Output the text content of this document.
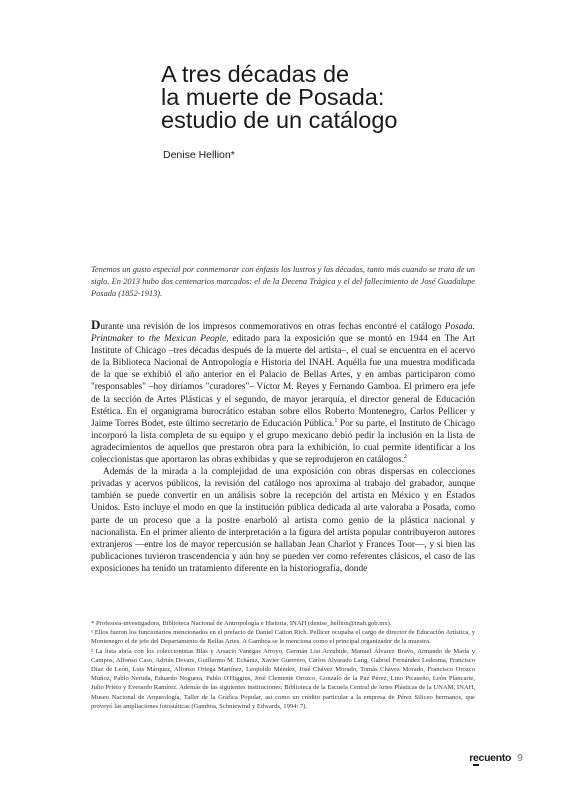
A tres décadas de
la muerte de Posada:
estudio de un catálogo

Denise Hellion*

Tenemos un gusto especial por conmemorar con énfasis los lustros y las décadas, tanto más cuando se trata de un siglo. En 2013 hubo dos centenarios marcados: el de la Decena Trágica y el del fallecimiento de José Guadalupe Posada (1852-1913).

Durante una revisión de los impresos conmemorativos en otras fechas encontré el catálogo Posada. Printmaker to the Mexican People, editado para la exposición que se montó en 1944 en The Art Institute of Chicago –tres décadas después de la muerte del artista–, el cual se encuentra en el acervo de la Biblioteca Nacional de Antropología e Historia del INAH. Aquélla fue una muestra modificada de la que se exhibió el año anterior en el Palacio de Bellas Artes, y en ambas participaron como "responsables" –hoy diríamos "curadores"– Víctor M. Reyes y Fernando Gamboa. El primero era jefe de la sección de Artes Plásticas y el segundo, de mayor jerarquía, el director general de Educación Estética. En el organigrama burocrático estaban sobre ellos Roberto Montenegro, Carlos Pellicer y Jaime Torres Bodet, este último secretario de Educación Pública.$^1$ Por su parte, el Instituto de Chicago incorporó la lista completa de su equipo y el grupo mexicano debió pedir la inclusión en la lista de agradecimientos de aquellos que prestaron obra para la exhibición, lo cual permite identificar a los coleccionistas que aportaron las obras exhibidas y que se reprodujeron en catálogos.$^2$

Además de la mirada a la complejidad de una exposición con obras dispersas en colecciones privadas y acervos públicos, la revisión del catálogo nos aproxima al trabajo del grabador, aunque también se puede convertir en un análisis sobre la recepción del artista en México y en Estados Unidos. Esto incluye el modo en que la institución pública dedicada al arte valoraba a Posada, como parte de un proceso que a la postre enarboló al artista como genio de la plástica nacional y nacionalista. En el primer aliento de interpretación a la figura del artista popular contribuyeron autores extranjeros —entre los de mayor repercusión se hallaban Jean Charlot y Frances Toor—, y si bien las publicaciones tuvieron trascendencia y aún hoy se pueden ver como referentes clásicos, el caso de las exposiciones ha tenido un tratamiento diferente en la historiografía, donde

* Profesora-investigadora, Biblioteca Nacional de Antropología e Historia, INAH (denise_hellion@inah.gob.mx).

¹ Ellos fueron los funcionarios mencionados en el prefacio de Daniel Catton Rich. Pellicer ocupaba el cargo de director de Educación Artística, y Montenegro el de jefe del Departamento de Bellas Artes. A Gamboa se le menciona como el principal organizador de la muestra.

² La lista abría con los coleccionistas Blas y Arsacio Vanegas Arroyo, Germán List Arzubide, Manuel Álvarez Bravo, Armando de María y Campos, Alfonso Caso, Adrián Devars, Guillermo M. Echániz, Xavier Guerrero, Carlos Alvarado Lang, Gabriel Fernández Ledesma, Francisco Díaz de León, Luis Márquez, Alfonso Ortega Martínez, Leopoldo Méndez, José Chávez Morado, Tomás Chávez Morado, Francisco Orozco Muñoz, Pablo Neruda, Eduardo Noguera, Pablo O'Higgins, José Clemente Orozco, Gonzalo de la Paz Pérez, Lino Picaseño, León Plancarte, Julio Prieto y Everardo Ramírez. Además de las siguientes instituciones: Biblioteca de la Escuela Central de Artes Plásticas de la UNAM, INAH, Museo Nacional de Arqueología, Taller de la Gráfica Popular, así como un crédito particular a la empresa de Pérez Siliceo hermanos, que proveyó las ampliaciones fotostáticas (Gamboa, Schniewind y Edwards, 1994: 7).

recuento 9
